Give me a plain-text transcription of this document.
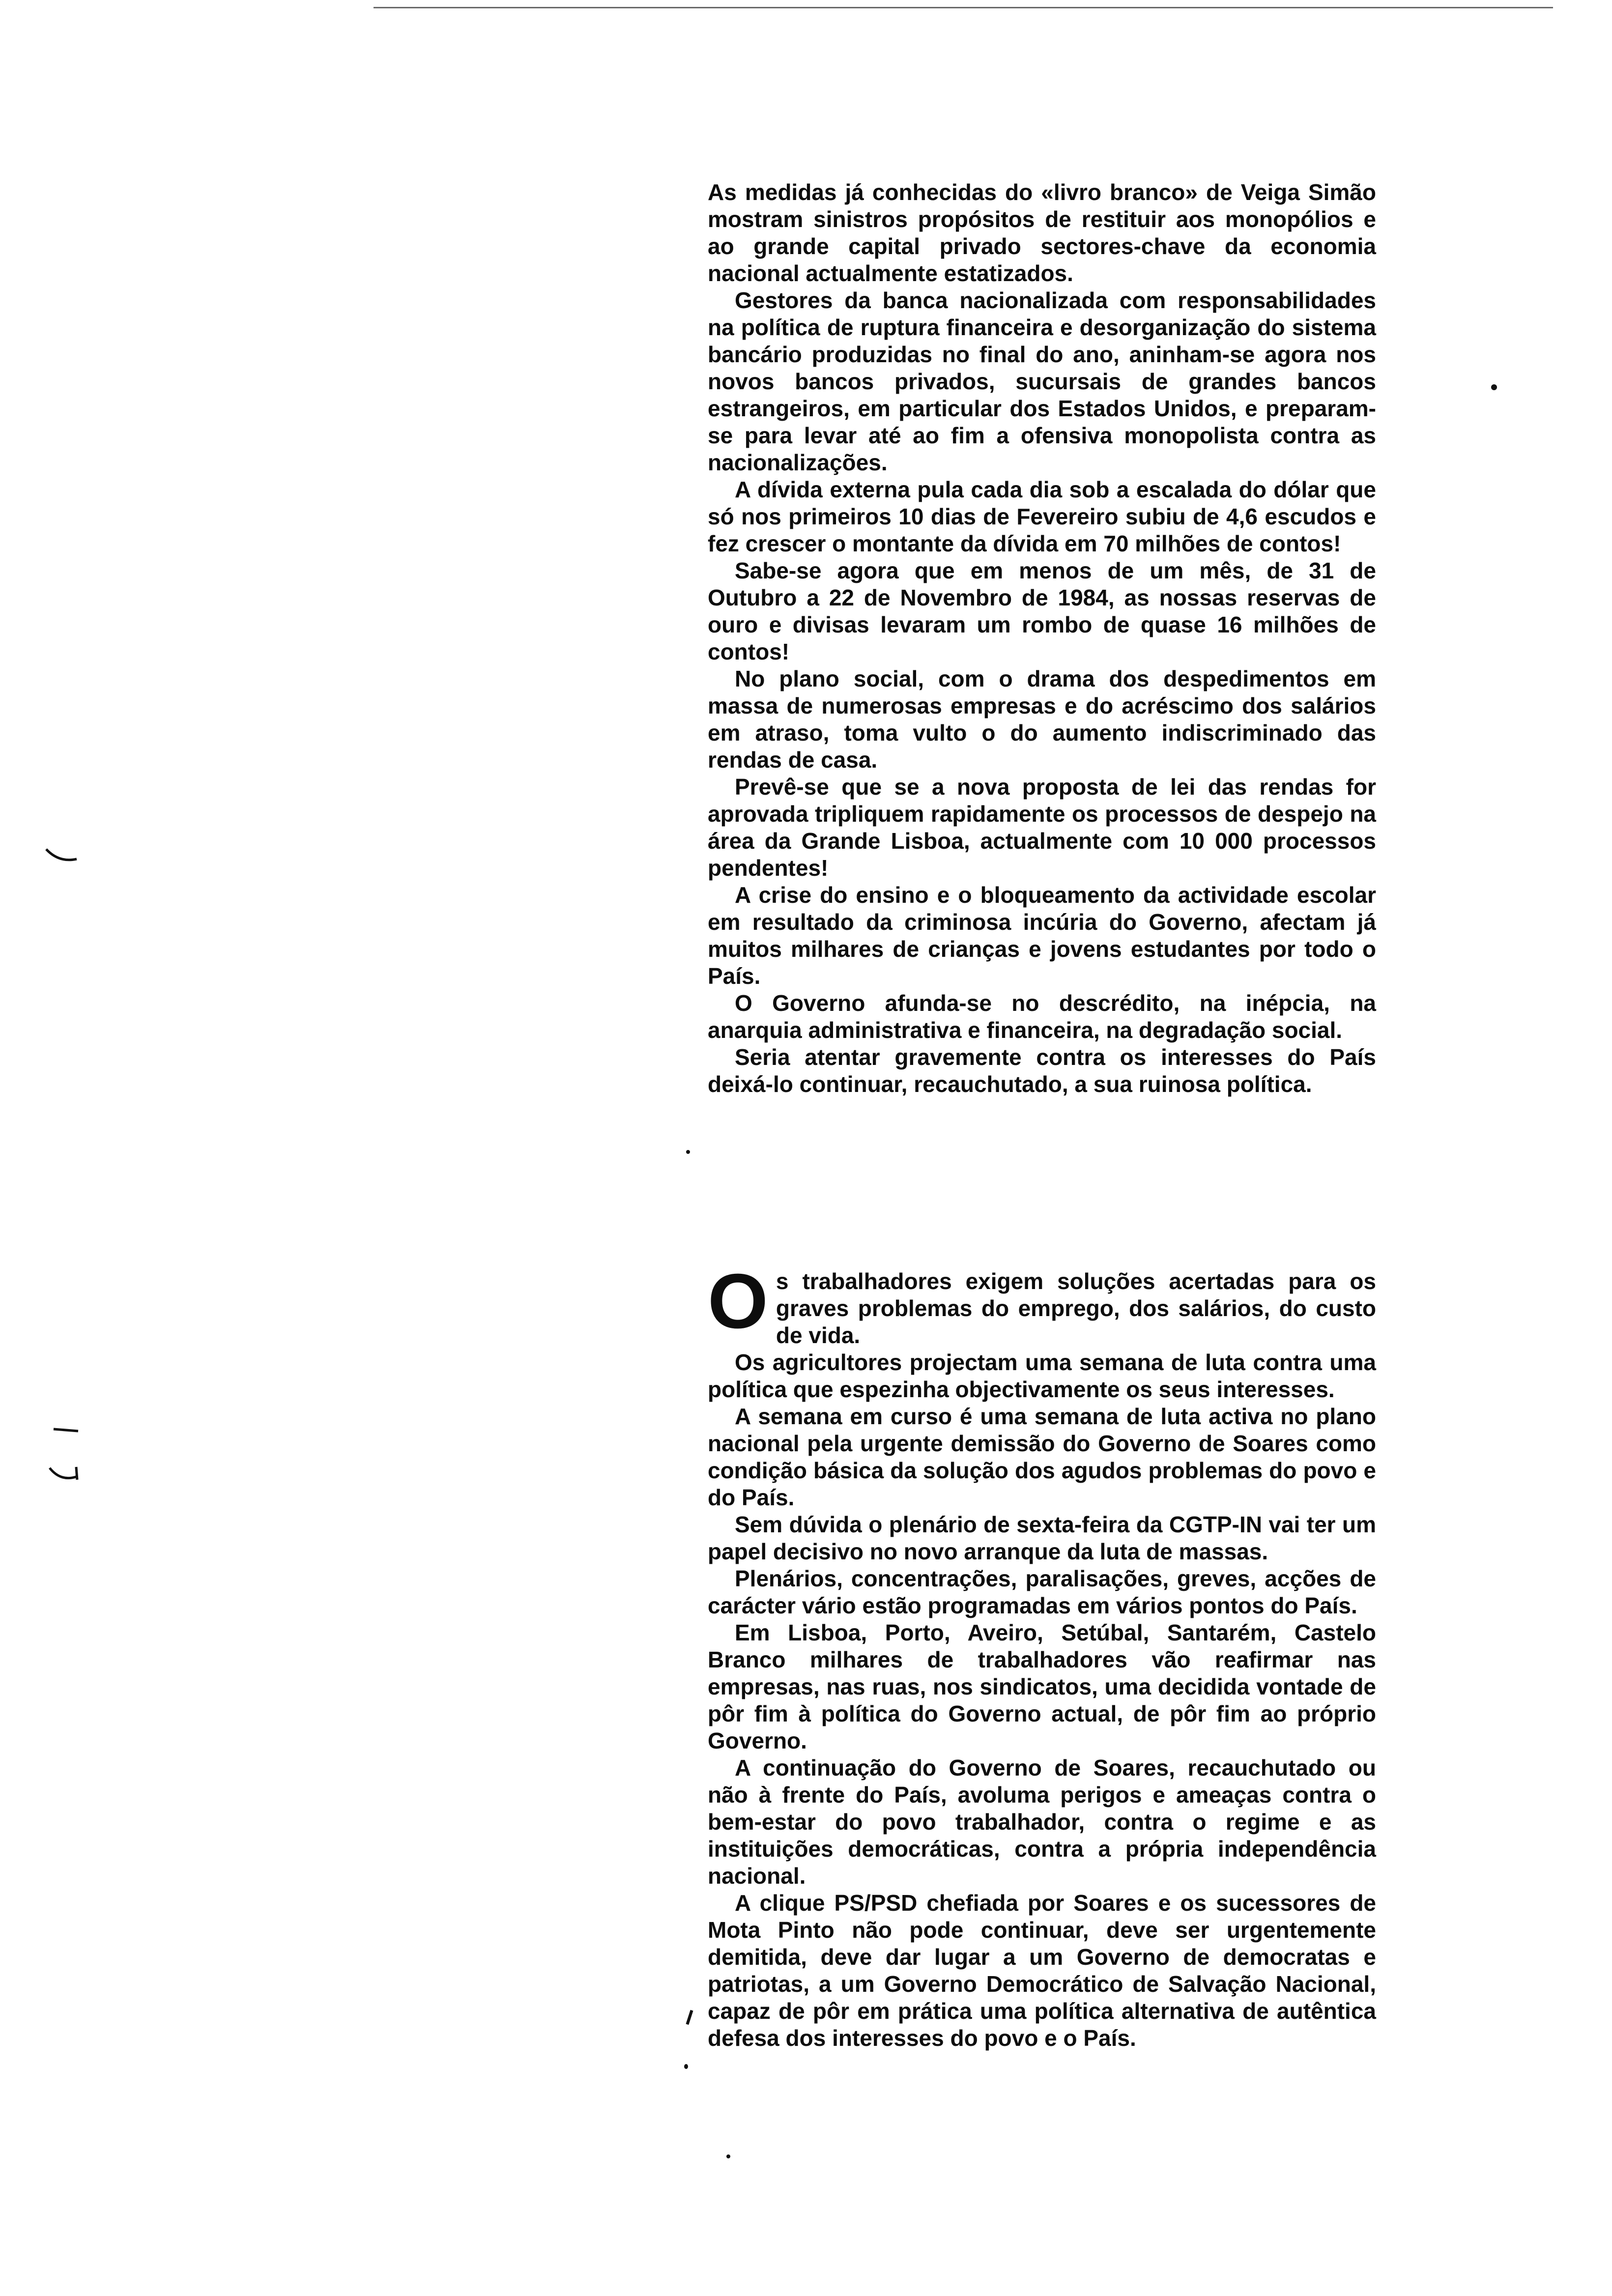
As medidas já conhecidas do «livro branco» de Veiga Simão mostram sinistros propósitos de restituir aos monopólios e ao grande capital privado sectores-chave da economia nacional actualmente estatizados.

Gestores da banca nacionalizada com responsabilidades na política de ruptura financeira e desorganização do sistema bancário produzidas no final do ano, aninham-se agora nos novos bancos privados, sucursais de grandes bancos estrangeiros, em particular dos Estados Unidos, e preparam-se para levar até ao fim a ofensiva monopolista contra as nacionalizações.

A dívida externa pula cada dia sob a escalada do dólar que só nos primeiros 10 dias de Fevereiro subiu de 4,6 escudos e fez crescer o montante da dívida em 70 milhões de contos!

Sabe-se agora que em menos de um mês, de 31 de Outubro a 22 de Novembro de 1984, as nossas reservas de ouro e divisas levaram um rombo de quase 16 milhões de contos!

No plano social, com o drama dos despedimentos em massa de numerosas empresas e do acréscimo dos salários em atraso, toma vulto o do aumento indiscriminado das rendas de casa.

Prevê-se que se a nova proposta de lei das rendas for aprovada tripliquem rapidamente os processos de despejo na área da Grande Lisboa, actualmente com 10 000 processos pendentes!

A crise do ensino e o bloqueamento da actividade escolar em resultado da criminosa incúria do Governo, afectam já muitos milhares de crianças e jovens estudantes por todo o País.

O Governo afunda-se no descrédito, na inépcia, na anarquia administrativa e financeira, na degradação social.

Seria atentar gravemente contra os interesses do País deixá-lo continuar, recauchutado, a sua ruinosa política.

Os trabalhadores exigem soluções acertadas para os graves problemas do emprego, dos salários, do custo de vida.

Os agricultores projectam uma semana de luta contra uma política que espezinha objectivamente os seus interesses.

A semana em curso é uma semana de luta activa no plano nacional pela urgente demissão do Governo de Soares como condição básica da solução dos agudos problemas do povo e do País.

Sem dúvida o plenário de sexta-feira da CGTP-IN vai ter um papel decisivo no novo arranque da luta de massas.

Plenários, concentrações, paralisações, greves, acções de carácter vário estão programadas em vários pontos do País.

Em Lisboa, Porto, Aveiro, Setúbal, Santarém, Castelo Branco milhares de trabalhadores vão reafirmar nas empresas, nas ruas, nos sindicatos, uma decidida vontade de pôr fim à política do Governo actual, de pôr fim ao próprio Governo.

A continuação do Governo de Soares, recauchutado ou não à frente do País, avoluma perigos e ameaças contra o bem-estar do povo trabalhador, contra o regime e as instituições democráticas, contra a própria independência nacional.

A clique PS/PSD chefiada por Soares e os sucessores de Mota Pinto não pode continuar, deve ser urgentemente demitida, deve dar lugar a um Governo de democratas e patriotas, a um Governo Democrático de Salvação Nacional, capaz de pôr em prática uma política alternativa de autêntica defesa dos interesses do povo e o País.
